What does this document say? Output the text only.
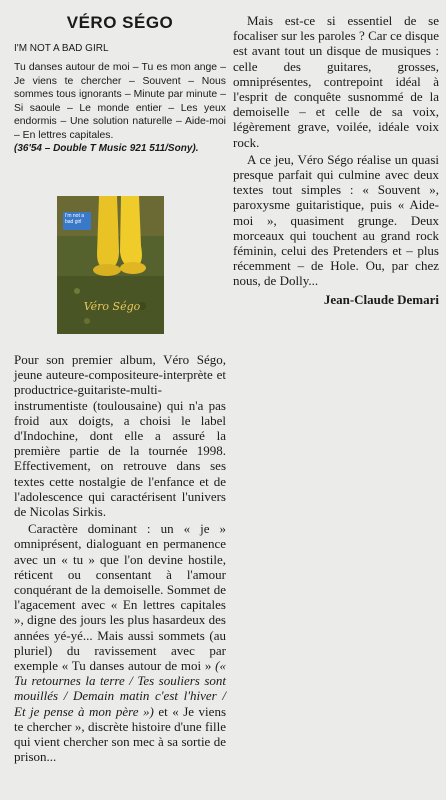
VÉRO SÉGO
I'M NOT A BAD GIRL
Tu danses autour de moi – Tu es mon ange – Je viens te chercher – Souvent – Nous sommes tous ignorants – Minute par minute – Si saoule – Le monde entier – Les yeux endormis – Une solution naturelle – Aide-moi – En lettres capitales.
(36'54 – Double T Music 921 511/Sony).
I'm not a bad girl
Véro Ségo

Pour son premier album, Véro Ségo, jeune auteure-compositeure-interprète et productrice-guitariste-multi-instrumentiste (toulousaine) qui n'a pas froid aux doigts, a choisi le label d'Indochine, dont elle a assuré la première partie de la tournée 1998. Effectivement, on retrouve dans ses textes cette nostalgie de l'enfance et de l'adolescence qui caractérisent l'univers de Nicolas Sirkis.

Caractère dominant : un « je » omniprésent, dialoguant en permanence avec un « tu » que l'on devine hostile, réticent ou consentant à l'amour conquérant de la demoiselle. Sommet de l'agacement avec « En lettres capitales », digne des jours les plus hasardeux des années yé-yé... Mais aussi sommets (au pluriel) du ravissement avec par exemple « Tu danses autour de moi » (« Tu retournes la terre / Tes souliers sont mouillés / Demain matin c'est l'hiver / Et je pense à mon père ») et « Je viens te chercher », discrète histoire d'une fille qui vient chercher son mec à sa sortie de prison...

Mais est-ce si essentiel de se focaliser sur les paroles ? Car ce disque est avant tout un disque de musiques : celle des guitares, grosses, omniprésentes, contrepoint idéal à l'esprit de conquête susnommé de la demoiselle – et celle de sa voix, légèrement grave, voilée, idéale voix rock.

A ce jeu, Véro Ségo réalise un quasi presque parfait qui culmine avec deux textes tout simples : « Souvent », paroxysme guitaristique, puis « Aide-moi », quasiment grunge. Deux morceaux qui touchent au grand rock féminin, celui des Pretenders et – plus récemment – de Hole. Ou, par chez nous, de Dolly...

Jean-Claude Demari
